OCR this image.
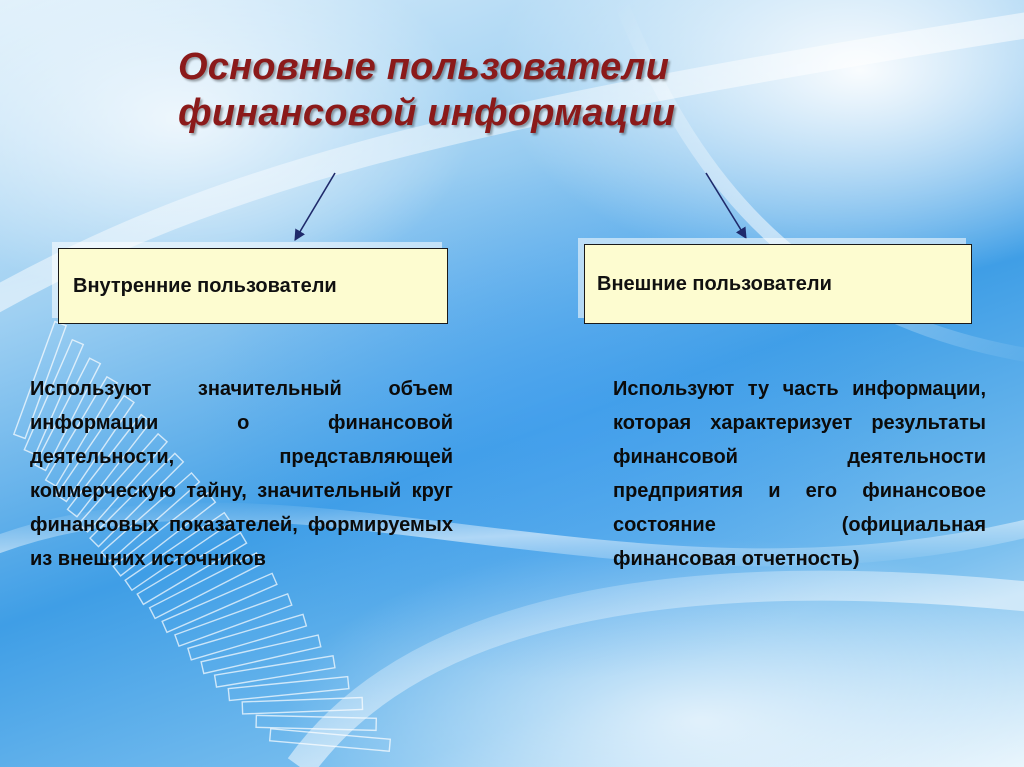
Основные пользователи
финансовой информации
Внутренние пользователи	Внешние пользователи
Используют значительный объем информации о финансовой деятельности, представляющей коммерческую тайну, значительный круг финансовых показателей, формируемых из внешних источников
Используют ту часть информации, которая характеризует результаты финансовой деятельности предприятия и его финансовое состояние (официальная финансовая отчетность)
